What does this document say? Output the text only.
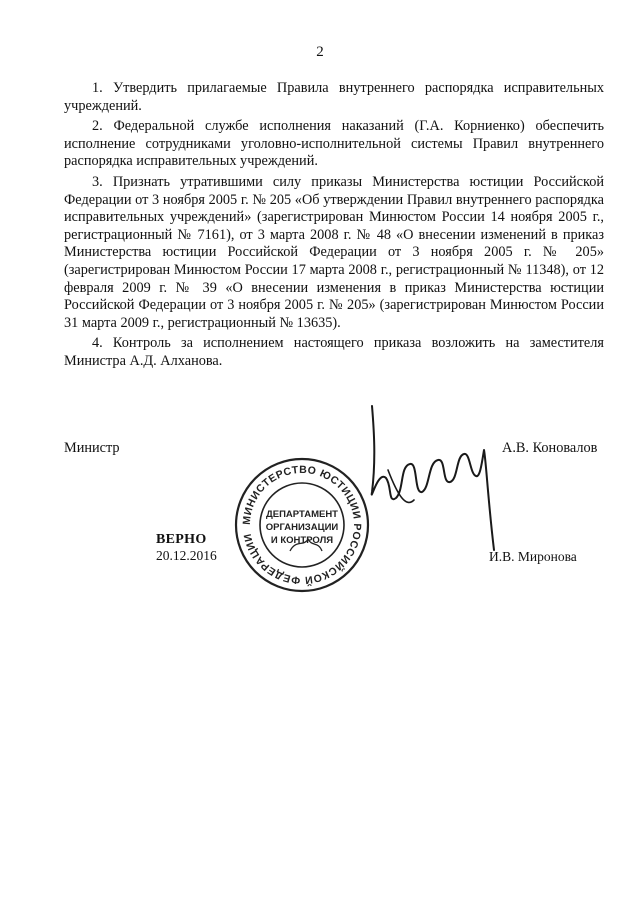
2

1. Утвердить прилагаемые Правила внутреннего распорядка исправительных учреждений.

2. Федеральной службе исполнения наказаний (Г.А. Корниенко) обеспечить исполнение сотрудниками уголовно-исполнительной системы Правил внутреннего распорядка исправительных учреждений.

3. Признать утратившими силу приказы Министерства юстиции Российской Федерации от 3 ноября 2005 г. № 205 «Об утверждении Правил внутреннего распорядка исправительных учреждений» (зарегистрирован Минюстом России 14 ноября 2005 г., регистрационный № 7161), от 3 марта 2008 г. № 48 «О внесении изменений в приказ Министерства юстиции Российской Федерации от 3 ноября 2005 г. № 205» (зарегистрирован Минюстом России 17 марта 2008 г., регистрационный № 11348), от 12 февраля 2009 г. № 39 «О внесении изменения в приказ Министерства юстиции Российской Федерации от 3 ноября 2005 г. № 205» (зарегистрирован Минюстом России 31 марта 2009 г., регистрационный № 13635).

4. Контроль за исполнением настоящего приказа возложить на заместителя Министра А.Д. Алханова.

Министр	А.В. Коновалов
МИНИСТЕРСТВО ЮСТИЦИИ РОССИЙСКОЙ ФЕДЕРАЦИИ
ДЕПАРТАМЕНТ
ОРГАНИЗАЦИИ
И КОНТРОЛЯ
ВЕРНО
20.12.2016	И.В. Миронова
